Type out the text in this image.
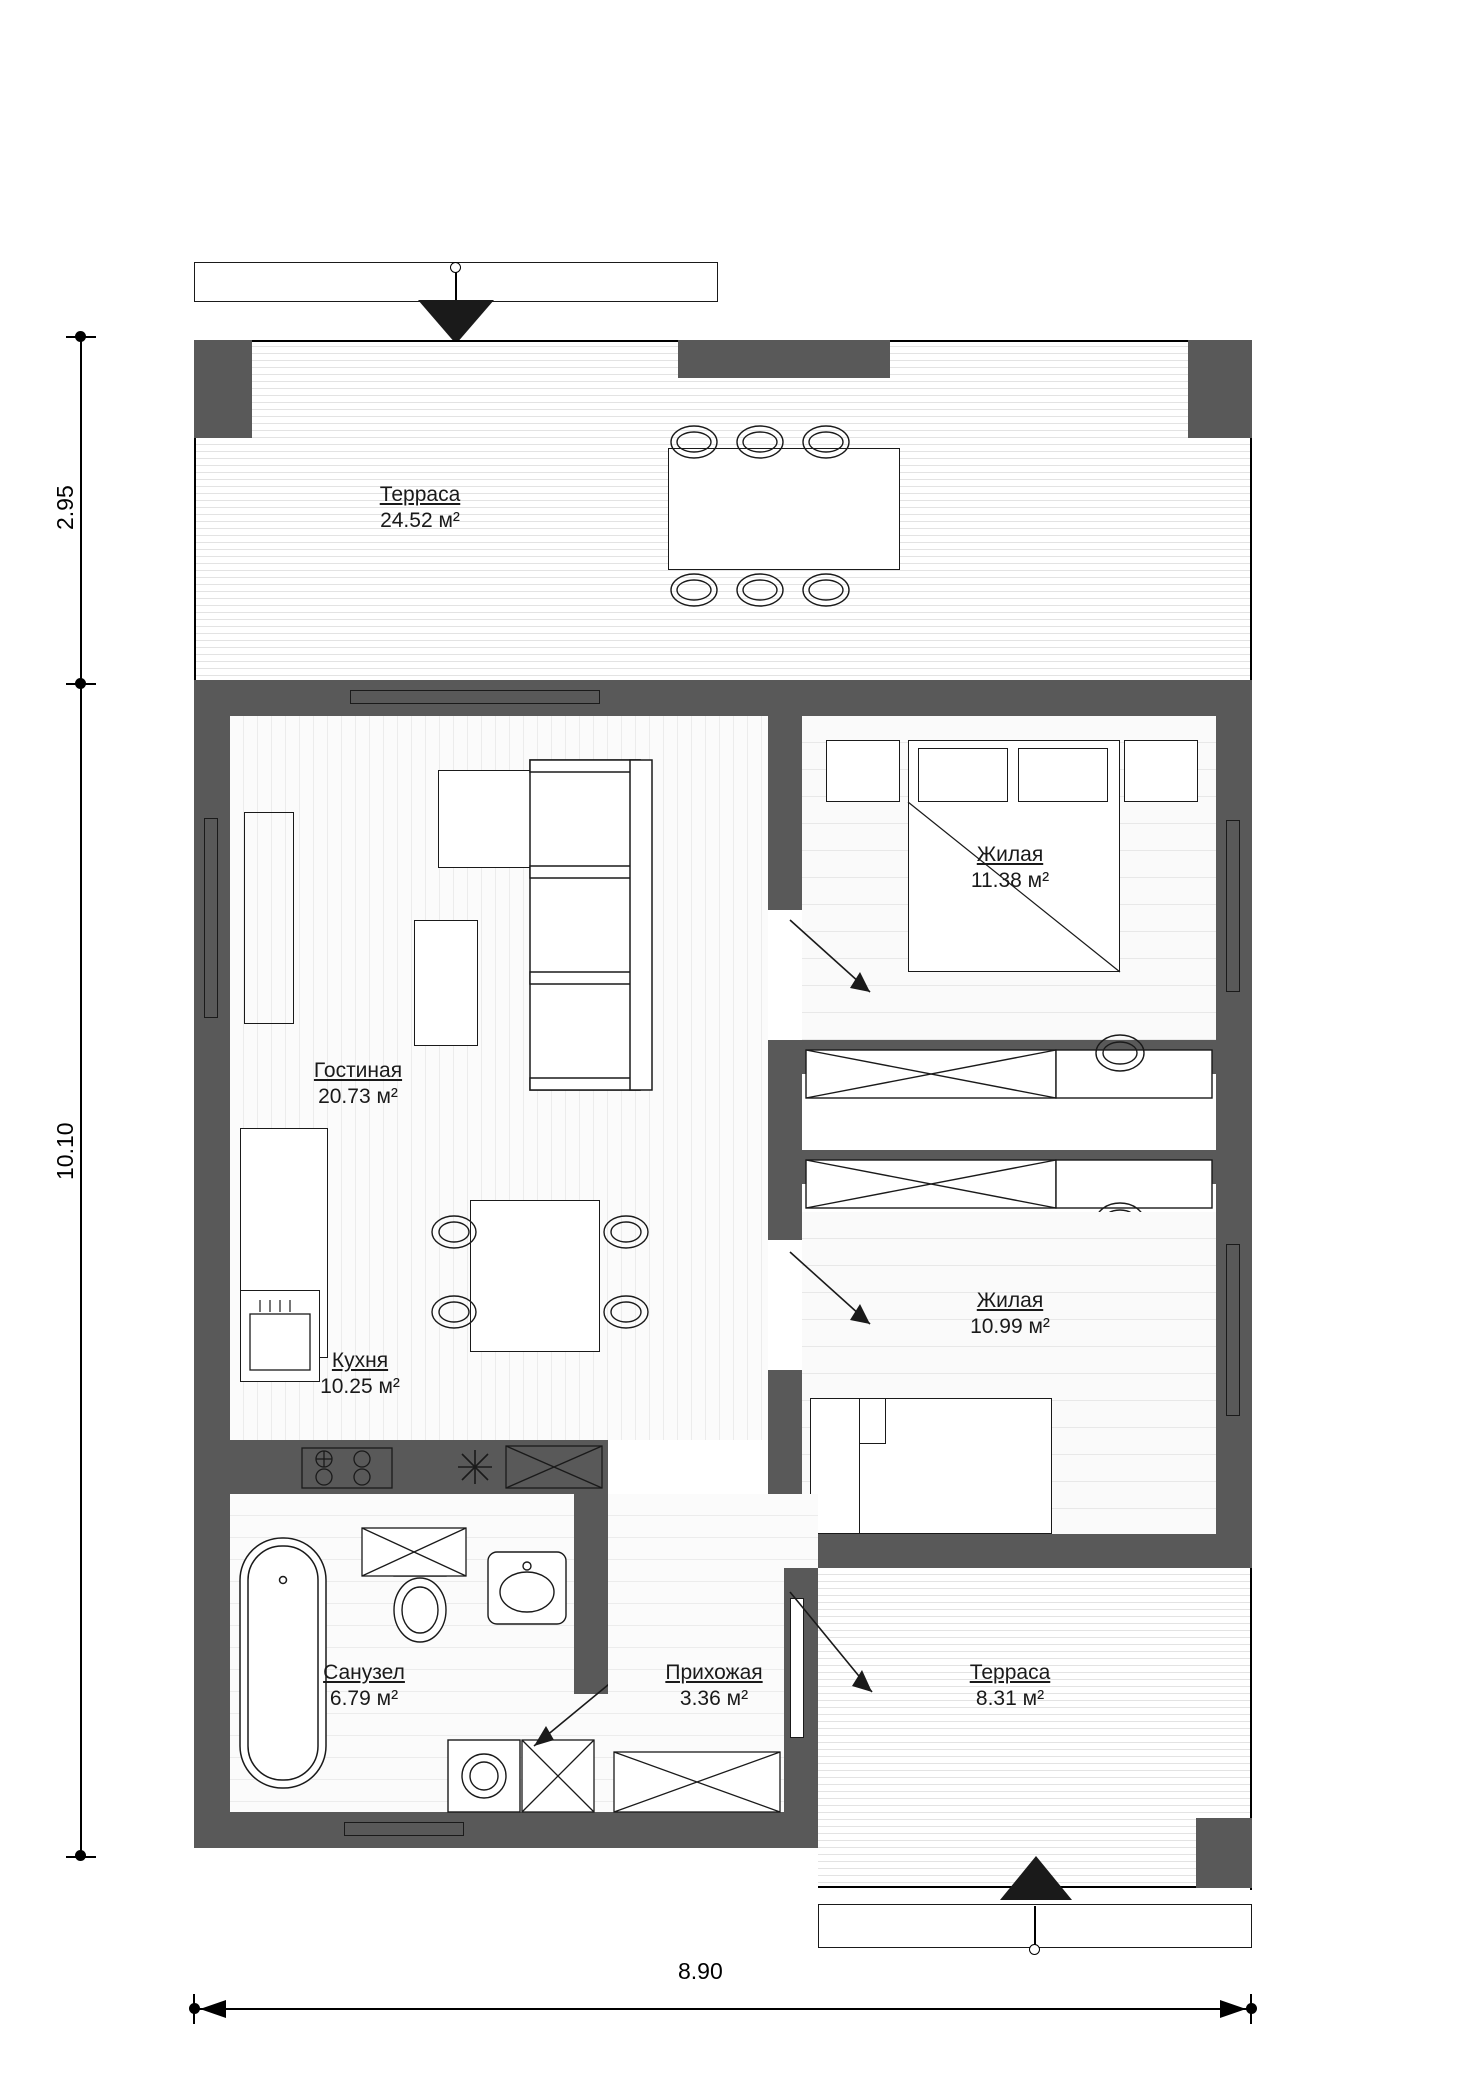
Терраса
24.52 м²
Гостиная
20.73 м²
Кухня
10.25 м²
Жилая
11.38 м²
Жилая
10.99 м²
Санузел
6.79 м²
Прихожая
3.36 м²
Терраса
8.31 м²
10.10
2.95
8.90
